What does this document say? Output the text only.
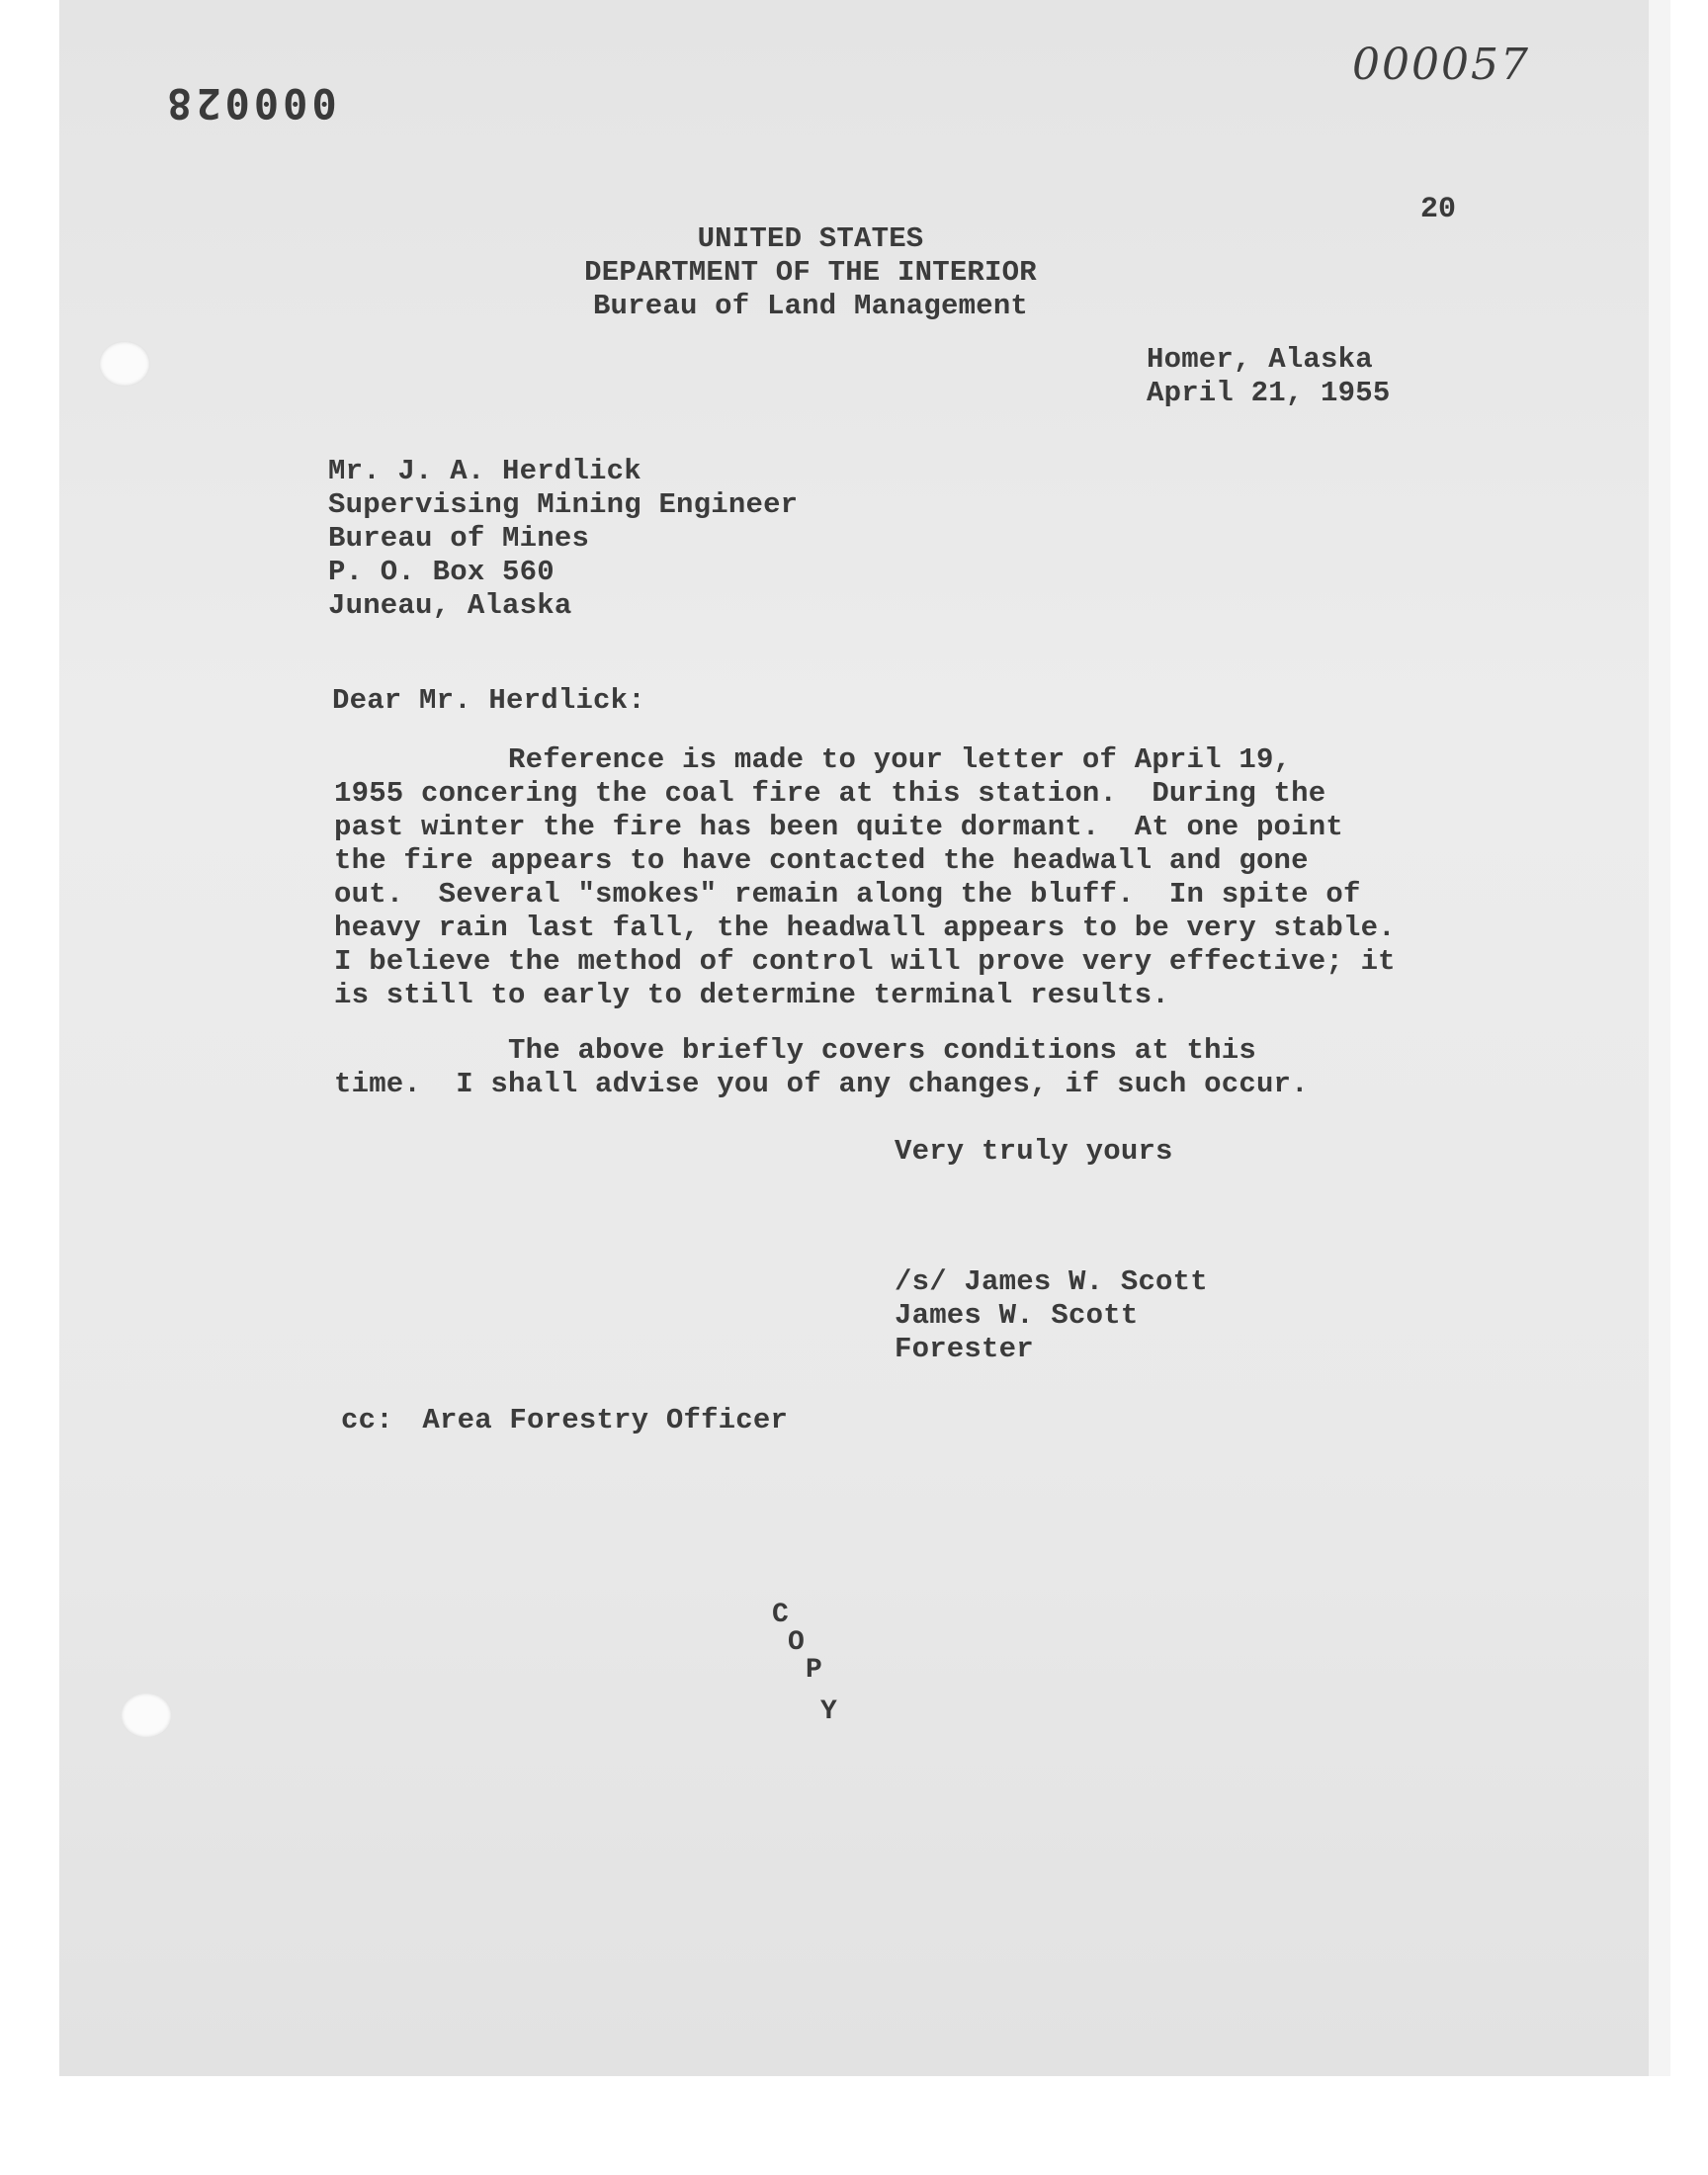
000028
000057
20
UNITED STATES
DEPARTMENT OF THE INTERIOR
Bureau of Land Management
Homer, Alaska
April 21, 1955
Mr. J. A. Herdlick
Supervising Mining Engineer
Bureau of Mines
P. O. Box 560
Juneau, Alaska
Dear Mr. Herdlick:
Reference is made to your letter of April 19,
1955 concering the coal fire at this station.  During the
past winter the fire has been quite dormant.  At one point
the fire appears to have contacted the headwall and gone
out.  Several "smokes" remain along the bluff.  In spite of
heavy rain last fall, the headwall appears to be very stable.
I believe the method of control will prove very effective; it
is still to early to determine terminal results.
The above briefly covers conditions at this
time.  I shall advise you of any changes, if such occur.
Very truly yours
/s/ James W. Scott
James W. Scott
Forester
cc: Area Forestry Officer
C
O
P
Y
